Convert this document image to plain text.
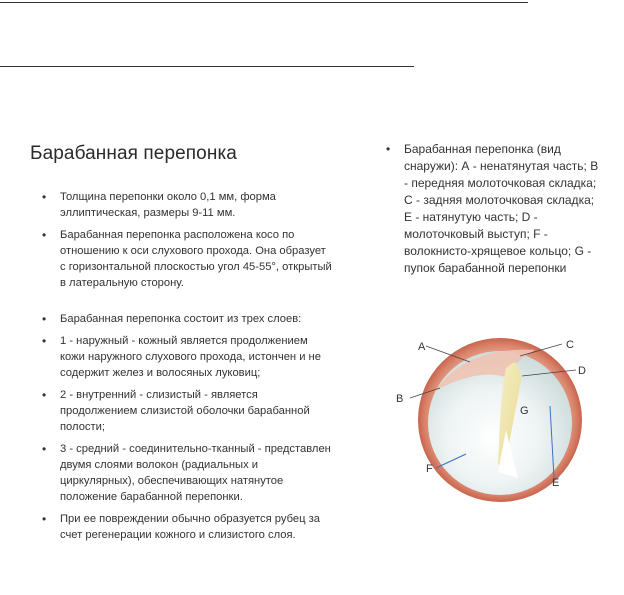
Барабанная перепонка
• Толщина перепонки около 0,1 мм, форма эллиптическая, размеры 9-11 мм.
• Барабанная перепонка расположена косо по отношению к оси слухового прохода. Она образует с горизонтальной плоскостью угол 45-55°, открытый в латеральную сторону.
• Барабанная перепонка состоит из трех слоев:
• 1 - наружный - кожный является продолжением кожи наружного слухового прохода, истончен и не содержит желез и волосяных луковиц;
• 2 - внутренний - слизистый - является продолжением слизистой оболочки барабанной полости;
• 3 - средний - соединительно-тканный - представлен двумя слоями волокон (радиальных и циркулярных), обеспечивающих натянутое положение барабанной перепонки.
• При ее повреждении обычно образуется рубец за счет регенерации кожного и слизистого слоя.
• Барабанная перепонка (вид снаружи): А - ненатянутая часть; В - передняя молоточковая складка; С - задняя молоточковая складка; Е - натянутую часть; D - молоточковый выступ; F - волокнисто-хрящевое кольцо; G - пупок барабанной перепонки
A
B
C
D
E
F
G
